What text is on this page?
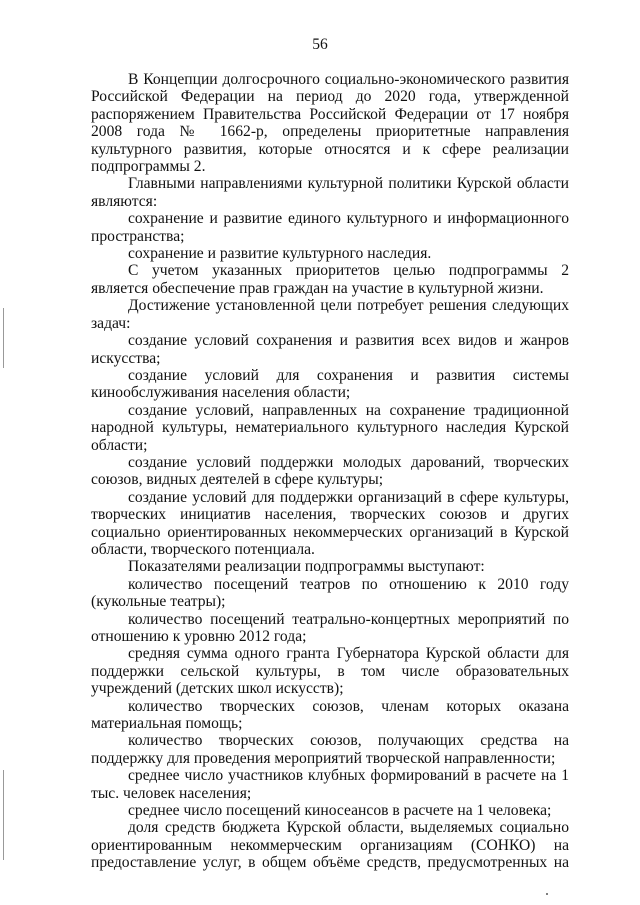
56

В Концепции долгосрочного социально-экономического развития Российской Федерации на период до 2020 года, утвержденной распоряжением Правительства Российской Федерации от 17 ноября 2008 года № 1662-р, определены приоритетные направления культурного развития, которые относятся и к сфере реализации подпрограммы 2.

Главными направлениями культурной политики Курской области являются:

сохранение и развитие единого культурного и информационного пространства;

сохранение и развитие культурного наследия.

С учетом указанных приоритетов целью подпрограммы 2 является обеспечение прав граждан на участие в культурной жизни.

Достижение установленной цели потребует решения следующих задач:

создание условий сохранения и развития всех видов и жанров искусства;

создание условий для сохранения и развития системы кинообслуживания населения области;

создание условий, направленных на сохранение традиционной народной культуры, нематериального культурного наследия Курской области;

создание условий поддержки молодых дарований, творческих союзов, видных деятелей в сфере культуры;

создание условий для поддержки организаций в сфере культуры, творческих инициатив населения, творческих союзов и других социально ориентированных некоммерческих организаций в Курской области, творческого потенциала.

Показателями реализации подпрограммы выступают:

количество посещений театров по отношению к 2010 году (кукольные театры);

количество посещений театрально-концертных мероприятий по отношению к уровню 2012 года;

средняя сумма одного гранта Губернатора Курской области для поддержки сельской культуры, в том числе образовательных учреждений (детских школ искусств);

количество творческих союзов, членам которых оказана материальная помощь;

количество творческих союзов, получающих средства на поддержку для проведения мероприятий творческой направленности;

среднее число участников клубных формирований в расчете на 1 тыс. человек населения;

среднее число посещений киносеансов в расчете на 1 человека;

доля средств бюджета Курской области, выделяемых социально ориентированным некоммерческим организациям (СОНКО) на предоставление услуг, в общем объёме средств, предусмотренных на
